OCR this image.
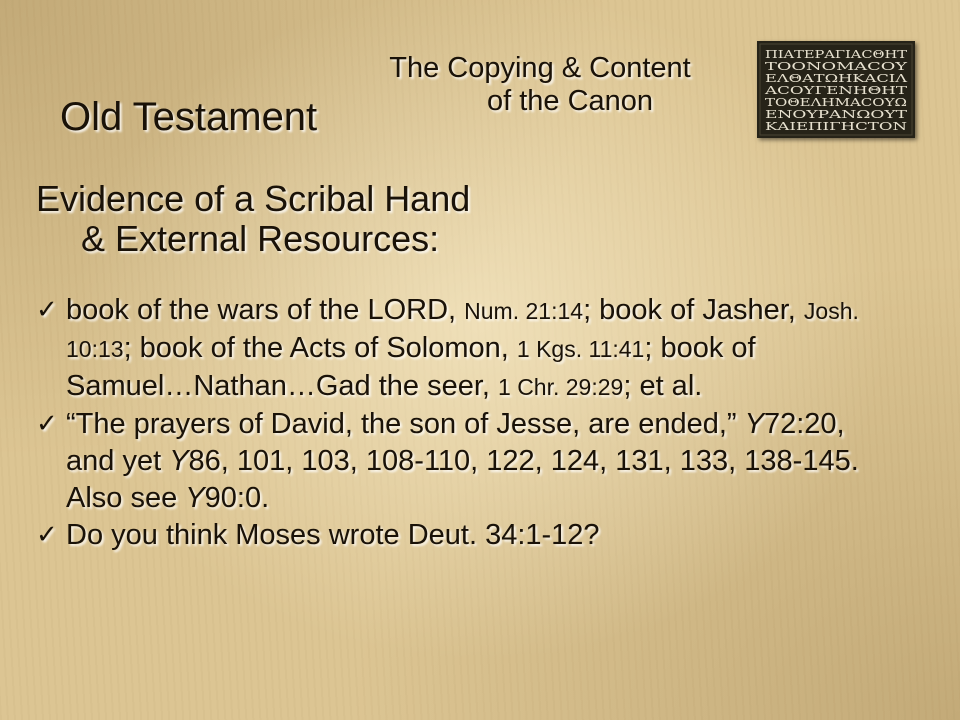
The Copying & Content
of the Canon
Old Testament
ΠΙΑΤΕΡΑΓΙΑCΘΗΤ
ΤΟΟΝΟΜΑCΟΥ
ΕΛΘΑΤΩΗΚΑCΙΛ
ΑCΟΥΓΕΝΗΘΗΤ
ΤΟΘΕΛΗΜΑCΟΥΩ
ΕΝΟΥΡΑΝΩΟΥΤ
ΚΑΙΕΠΙΓΗCΤΟΝ
Evidence of a Scribal Hand
& External Resources:
✓ book of the wars of the LORD, Num. 21:14; book of Jasher, Josh. 10:13; book of the Acts of Solomon, 1 Kgs. 11:41; book of Samuel…Nathan…Gad the seer, 1 Chr. 29:29; et al.
✓ “The prayers of David, the son of Jesse, are ended,” Y72:20, and yet Y86, 101, 103, 108-110, 122, 124, 131, 133, 138-145. Also see Y90:0.
✓ Do you think Moses wrote Deut. 34:1-12?
